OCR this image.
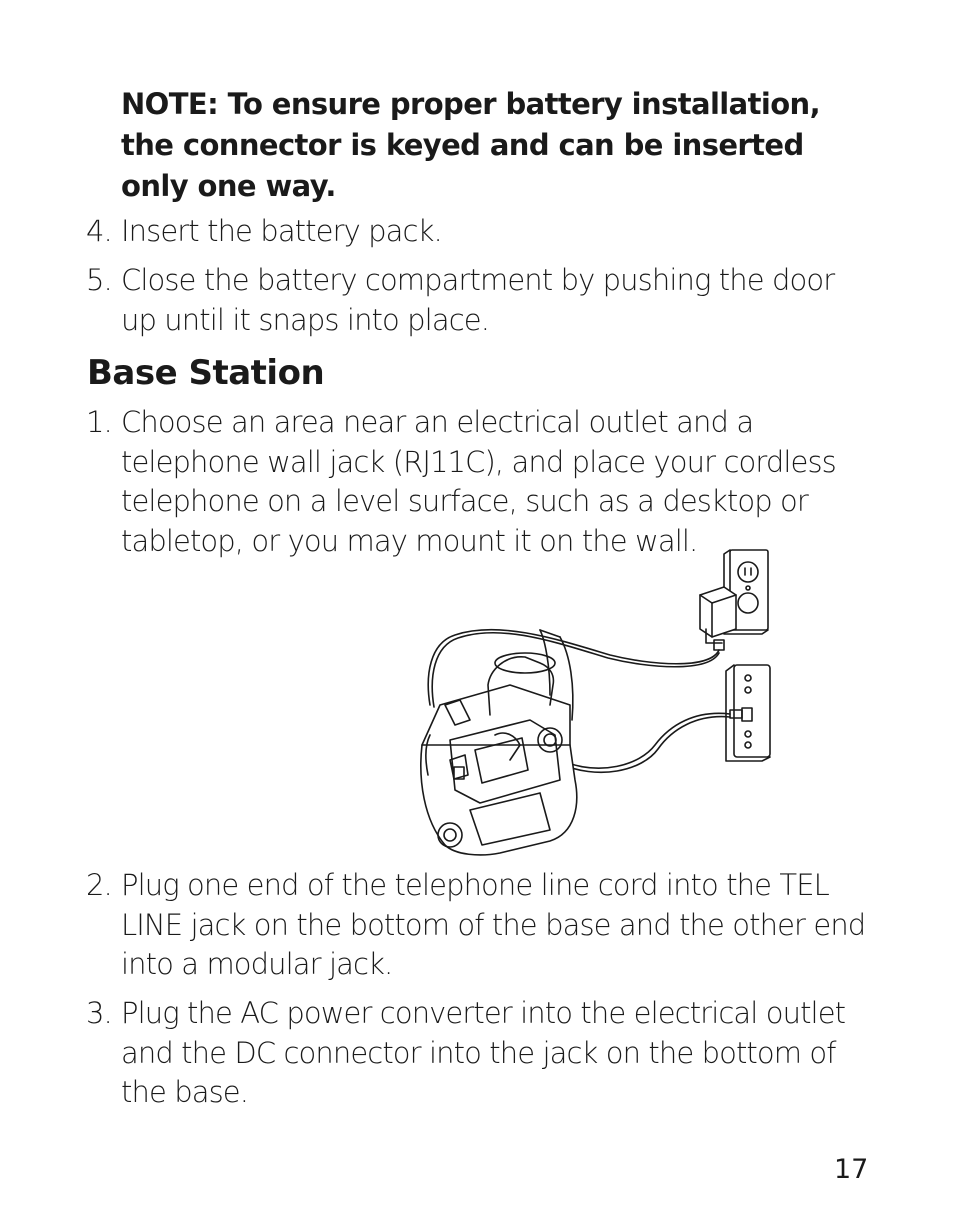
NOTE: To ensure proper battery installation,
the connector is keyed and can be inserted
only one way.
4. Insert the battery pack.
5. Close the battery compartment by pushing the door
up until it snaps into place.
Base Station
1. Choose an area near an electrical outlet and a
telephone wall jack (RJ11C), and place your cordless
telephone on a level surface, such as a desktop or
tabletop, or you may mount it on the wall.
2. Plug one end of the telephone line cord into the TEL
LINE jack on the bottom of the base and the other end
into a modular jack.
3. Plug the AC power converter into the electrical outlet
and the DC connector into the jack on the bottom of
the base.
17
